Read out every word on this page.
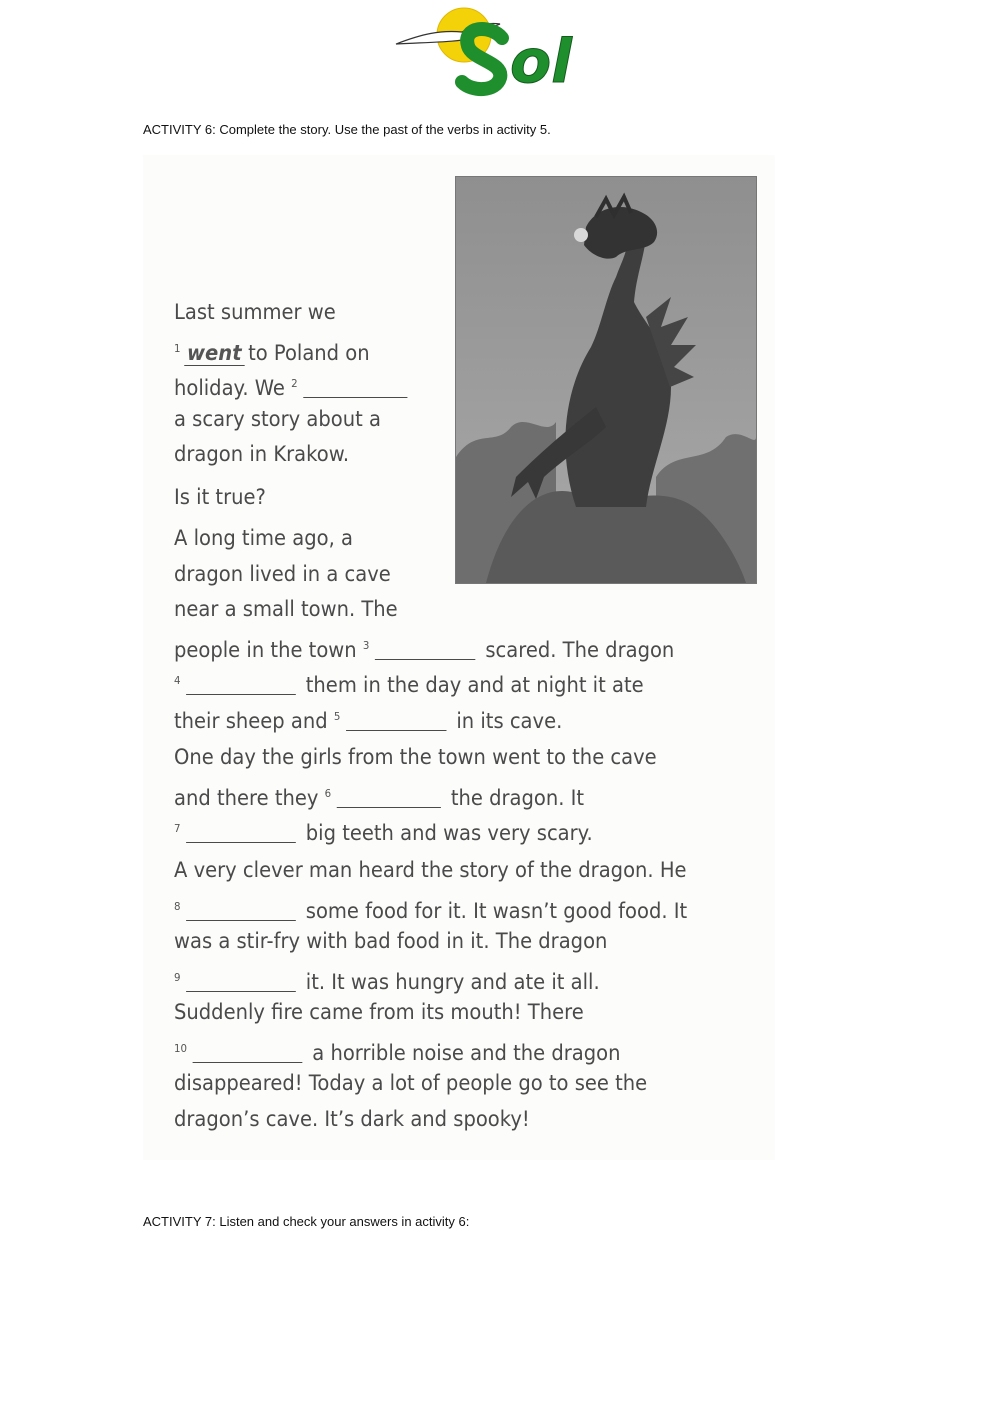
ol
ACTIVITY 6: Complete the story. Use the past of the verbs in activity 5.
Last summer we
$^1$ went to Poland on
holiday. We $^2$
a scary story about a
dragon in Krakow.
Is it true?
A long time ago, a
dragon lived in a cave
near a small town. The
people in the town $^3$	scared. The dragon
$^4$	them in the day and at night it ate
their sheep and $^5$	in its cave.
One day the girls from the town went to the cave
and there they $^6$	the dragon. It
$^7$	big teeth and was very scary.
A very clever man heard the story of the dragon. He
$^8$	some food for it. It wasn’t good food. It
was a stir-fry with bad food in it. The dragon
$^9$	it. It was hungry and ate it all.
Suddenly fire came from its mouth! There
$^{10}$	a horrible noise and the dragon
disappeared! Today a lot of people go to see the
dragon’s cave. It’s dark and spooky!
ACTIVITY 7: Listen and check your answers in activity 6:
